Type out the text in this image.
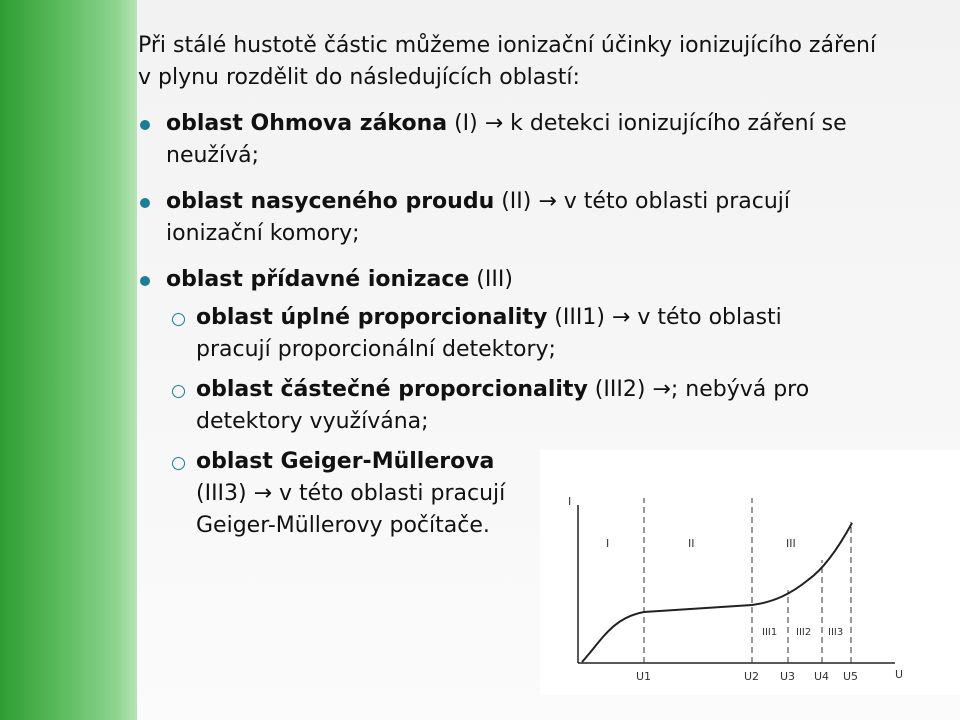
Při stálé hustotě částic můžeme ionizační účinky ionizujícího záření
v plynu rozdělit do následujících oblastí:

oblast Ohmova zákona (I) → k detekci ionizujícího záření se neužívá;
oblast nasyceného proudu (II) → v této oblasti pracují ionizační komory;
oblast přídavné ionizace (III)
oblast úplné proporcionality (III1) → v této oblasti pracují proporcionální detektory;
oblast částečné proporcionality (III2) →; nebývá pro detektory využívána;
oblast Geiger-Müllerova (III3) → v této oblasti pracují Geiger-Müllerovy počítače.
I
U
I	II	III
III1 III2 III3
U1	U2 U3 U4 U5
